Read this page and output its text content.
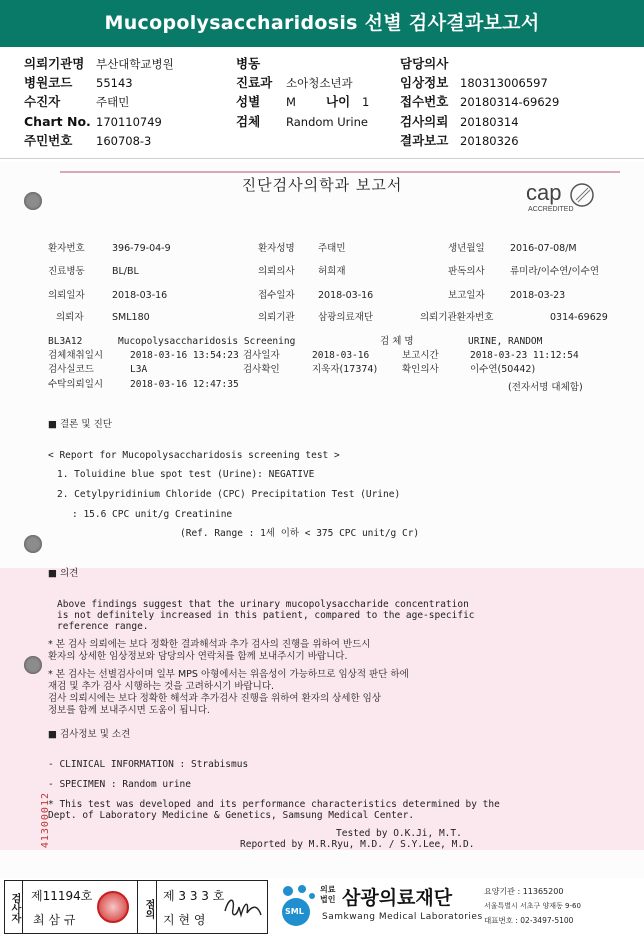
Mucopolysaccharidosis 선별 검사결과보고서
의뢰기관명 부산대학교병원
병원코드 55143
수진자	주태민
Chart No. 170110749
주민번호 160708-3
병동
진료과 소아청소년과
성별 M 나이 1
검체 Random Urine
담당의사
임상정보 180313006597
접수번호 20180314-69629
검사의뢰 20180314
결과보고 20180326
진단검사의학과 보고서	cap
ACCREDITED
환자번호	396-79-04-9	환자성명 주태민	생년월일	2016-07-08/M
진료병동	BL/BL	의뢰의사 허희재	판독의사	류미라/이수연/이수연
의뢰일자	2018-03-16	접수일자 2018-03-16	보고일자	2018-03-23
의뢰자	SML180	의뢰기관 삼광의료재단	의뢰기관환자번호	0314-69629
BL3A12	Mucopolysaccharidosis Screening	검 체 명	URINE, RANDOM
검체채취일시	2018-03-16 13:54:23 검사일자	2018-03-16	보고시간	2018-03-23 11:12:54
검사실코드	L3A	검사확인	지욱자(17374)	확인의사	이수연(50442)
수탁의뢰일시	2018-03-16 12:47:35	(전자서명 대체함)
■ 결론 및 진단
< Report for Mucopolysaccharidosis screening test >
1. Toluidine blue spot test (Urine): NEGATIVE
2. Cetylpyridinium Chloride (CPC) Precipitation Test (Urine)
: 15.6 CPC unit/g Creatinine
(Ref. Range : 1세 이하 < 375 CPC unit/g Cr)
■ 의견
Above findings suggest that the urinary mucopolysaccharide concentration
is not definitely increased in this patient, compared to the age-specific
reference range.
* 본 검사 의뢰에는 보다 정확한 결과해석과 추가 검사의 진행을 위하여 반드시
환자의 상세한 임상정보와 담당의사 연락처를 함께 보내주시기 바랍니다.
* 본 검사는 선별검사이며 일부 MPS 아형에서는 위음성이 가능하므로 임상적 판단 하에
재검 및 추가 검사 시행하는 것을 고려하시기 바랍니다.
검사 의뢰시에는 보다 정확한 해석과 추가검사 진행을 위하여 환자의 상세한 임상
정보를 함께 보내주시면 도움이 됩니다.
■ 검사정보 및 소견
- CLINICAL INFORMATION : Strabismus
- SPECIMEN : Random urine
* This test was developed and its performance characteristics determined by the
Dept. of Laboratory Medicine & Genetics, Samsung Medical Center.
Tested by O.K.Ji, M.T.
Reported by M.R.Ryu, M.D. / S.Y.Lee, M.D.
41300012
검사자 제11194호
최 삼 규
점의
제 3 3 3 호
지 현 영
SML
의료법인 삼광의료재단
Samkwang Medical Laboratories
요양기관 : 11365200
서울특별시 서초구 양재동 9-60
대표번호 : 02-3497-5100
